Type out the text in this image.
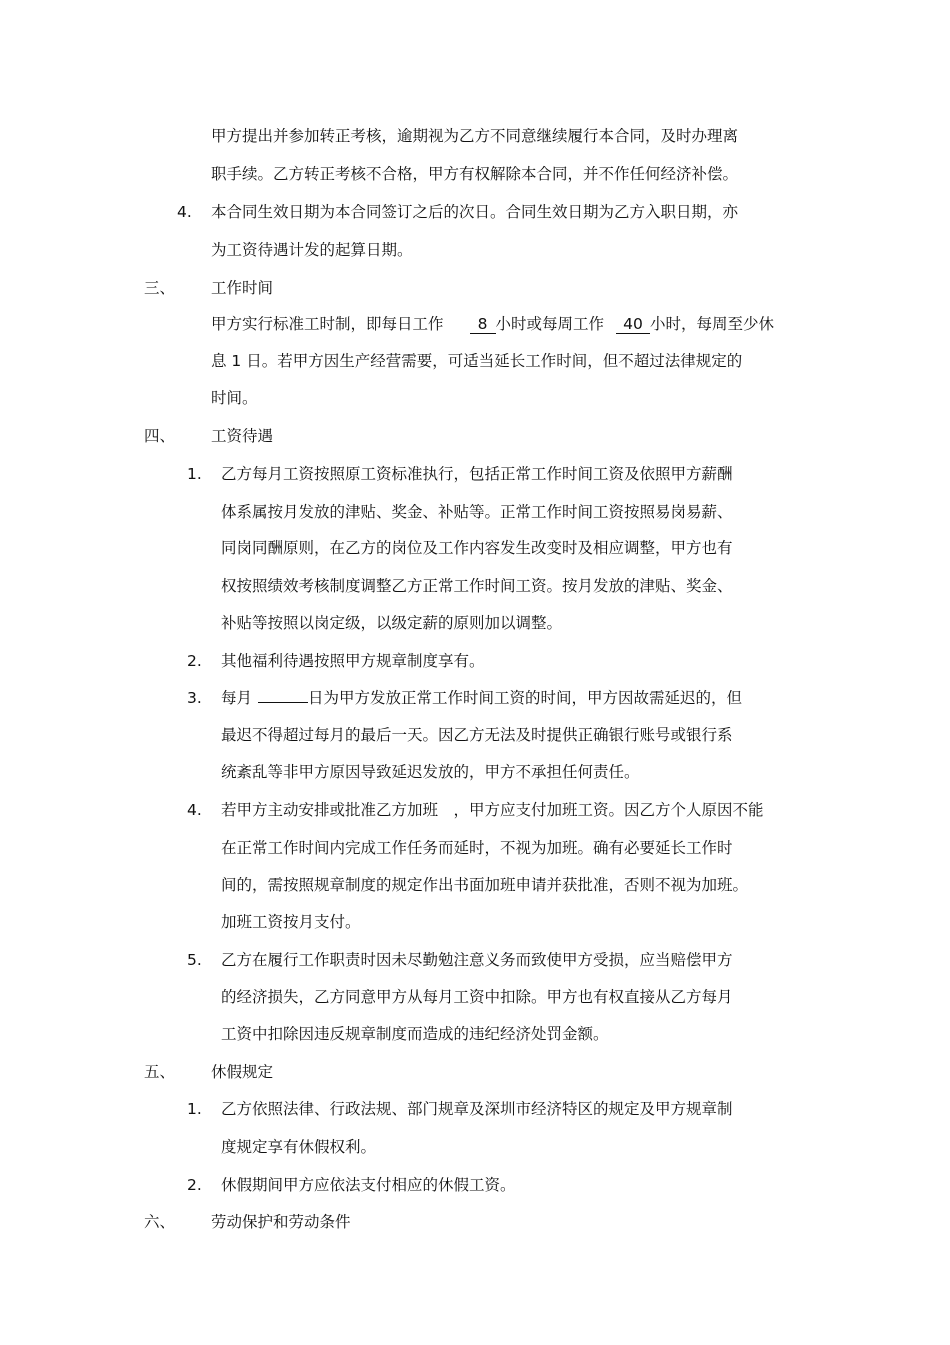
甲方提出并参加转正考核，逾期视为乙方不同意继续履行本合同，及时办理离
职手续。乙方转正考核不合格，甲方有权解除本合同，并不作任何经济补偿。
4. 本合同生效日期为本合同签订之后的次日。合同生效日期为乙方入职日期，亦
为工资待遇计发的起算日期。
三、 工作时间
甲方实行标准工时制，即每日工作 8 小时或每周工作 40 小时，每周至少休
息 1 日。若甲方因生产经营需要，可适当延长工作时间，但不超过法律规定的
时间。
四、 工资待遇
1. 乙方每月工资按照原工资标准执行，包括正常工作时间工资及依照甲方薪酬
体系属按月发放的津贴、奖金、补贴等。正常工作时间工资按照易岗易薪、
同岗同酬原则，在乙方的岗位及工作内容发生改变时及相应调整，甲方也有
权按照绩效考核制度调整乙方正常工作时间工资。按月发放的津贴、奖金、
补贴等按照以岗定级，以级定薪的原则加以调整。
2. 其他福利待遇按照甲方规章制度享有。
3. 每月	日为甲方发放正常工作时间工资的时间，甲方因故需延迟的，但
最迟不得超过每月的最后一天。因乙方无法及时提供正确银行账号或银行系
统紊乱等非甲方原因导致延迟发放的，甲方不承担任何责任。
4. 若甲方主动安排或批准乙方加班　，甲方应支付加班工资。因乙方个人原因不能
在正常工作时间内完成工作任务而延时，不视为加班。确有必要延长工作时
间的，需按照规章制度的规定作出书面加班申请并获批准，否则不视为加班。
加班工资按月支付。
5. 乙方在履行工作职责时因未尽勤勉注意义务而致使甲方受损，应当赔偿甲方
的经济损失，乙方同意甲方从每月工资中扣除。甲方也有权直接从乙方每月
工资中扣除因违反规章制度而造成的违纪经济处罚金额。
五、 休假规定
1. 乙方依照法律、行政法规、部门规章及深圳市经济特区的规定及甲方规章制
度规定享有休假权利。
2. 休假期间甲方应依法支付相应的休假工资。
六、 劳动保护和劳动条件
